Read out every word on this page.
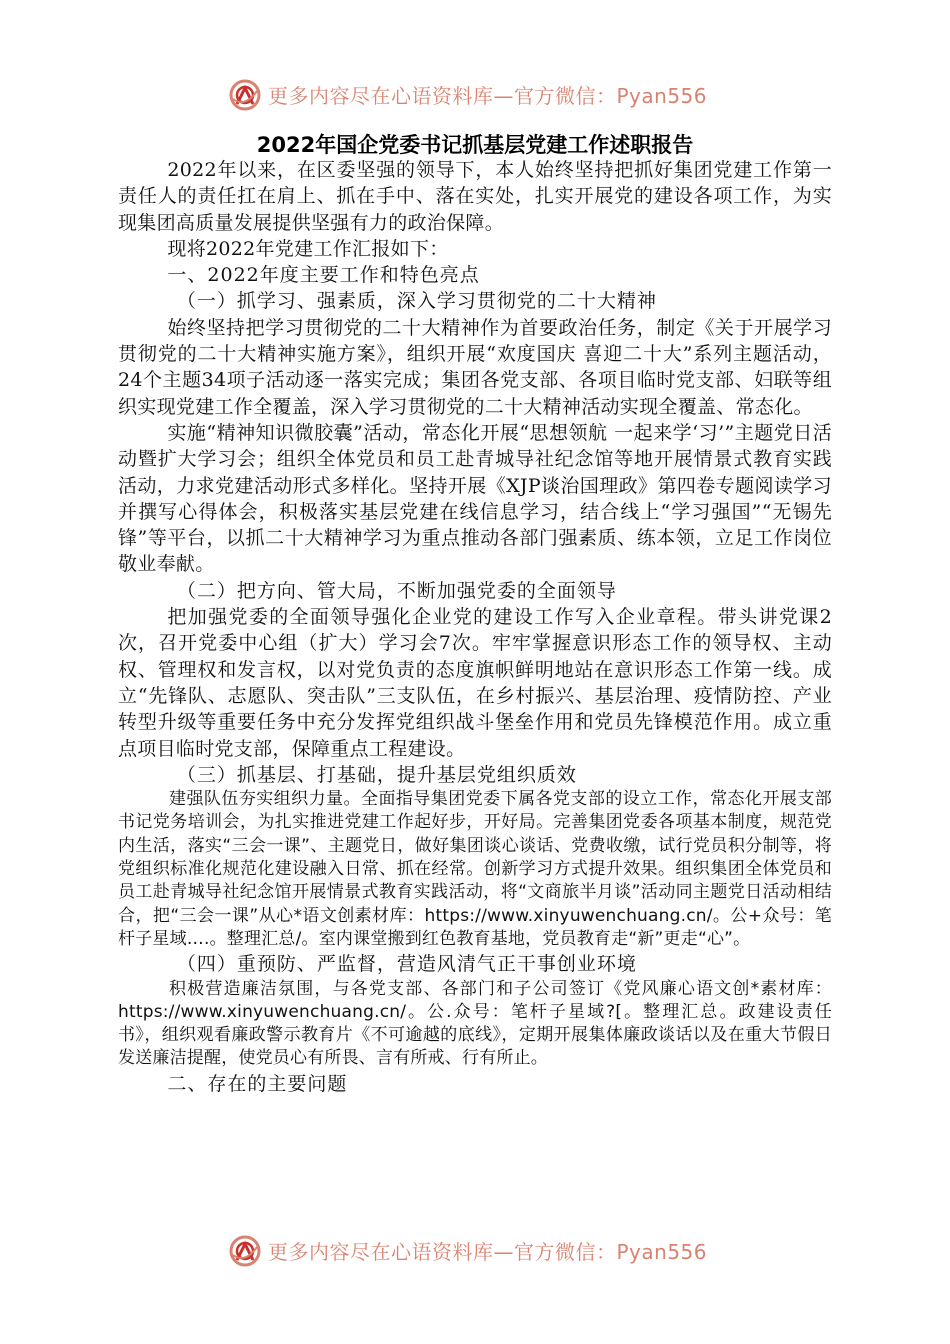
更多内容尽在心语资料库—官方微信：Pyan556
2022年国企党委书记抓基层党建工作述职报告
2022年以来，在区委坚强的领导下，本人始终坚持把抓好集团党建工作第一责任人的责任扛在肩上、抓在手中、落在实处，扎实开展党的建设各项工作，为实现集团高质量发展提供坚强有力的政治保障。
现将2022年党建工作汇报如下：
一、2022年度主要工作和特色亮点
（一）抓学习、强素质，深入学习贯彻党的二十大精神
始终坚持把学习贯彻党的二十大精神作为首要政治任务，制定《关于开展学习贯彻党的二十大精神实施方案》，组织开展“欢度国庆 喜迎二十大”系列主题活动，24个主题34项子活动逐一落实完成；集团各党支部、各项目临时党支部、妇联等组织实现党建工作全覆盖，深入学习贯彻党的二十大精神活动实现全覆盖、常态化。
实施“精神知识微胶囊”活动，常态化开展“思想领航 一起来学‘习’”主题党日活动暨扩大学习会；组织全体党员和员工赴青城导社纪念馆等地开展情景式教育实践活动，力求党建活动形式多样化。坚持开展《XJP谈治国理政》第四卷专题阅读学习并撰写心得体会，积极落实基层党建在线信息学习，结合线上“学习强国”“无锡先锋”等平台，以抓二十大精神学习为重点推动各部门强素质、练本领，立足工作岗位敬业奉献。
（二）把方向、管大局，不断加强党委的全面领导
把加强党委的全面领导强化企业党的建设工作写入企业章程。带头讲党课2次，召开党委中心组（扩大）学习会7次。牢牢掌握意识形态工作的领导权、主动权、管理权和发言权，以对党负责的态度旗帜鲜明地站在意识形态工作第一线。成立“先锋队、志愿队、突击队”三支队伍，在乡村振兴、基层治理、疫情防控、产业转型升级等重要任务中充分发挥党组织战斗堡垒作用和党员先锋模范作用。成立重点项目临时党支部，保障重点工程建设。
（三）抓基层、打基础，提升基层党组织质效
建强队伍夯实组织力量。全面指导集团党委下属各党支部的设立工作，常态化开展支部书记党务培训会，为扎实推进党建工作起好步，开好局。完善集团党委各项基本制度，规范党内生活，落实“三会一课”、主题党日，做好集团谈心谈话、党费收缴，试行党员积分制等，将党组织标准化规范化建设融入日常、抓在经常。创新学习方式提升效果。组织集团全体党员和员工赴青城导社纪念馆开展情景式教育实践活动，将“文商旅半月谈”活动同主题党日活动相结合，把“三会一课”从心*语文创素材库：https://www.xinyuwenchuang.cn/。公+众号：笔杆子星域….。整理汇总/。室内课堂搬到红色教育基地，党员教育走“新”更走“心”。
（四）重预防、严监督，营造风清气正干事创业环境
积极营造廉洁氛围，与各党支部、各部门和子公司签订《党风廉心语文创*素材库：https://www.xinyuwenchuang.cn/。公.众号：笔杆子星域?[。整理汇总。政建设责任书》，组织观看廉政警示教育片《不可逾越的底线》，定期开展集体廉政谈话以及在重大节假日发送廉洁提醒，使党员心有所畏、言有所戒、行有所止。
二、存在的主要问题
更多内容尽在心语资料库—官方微信：Pyan556
